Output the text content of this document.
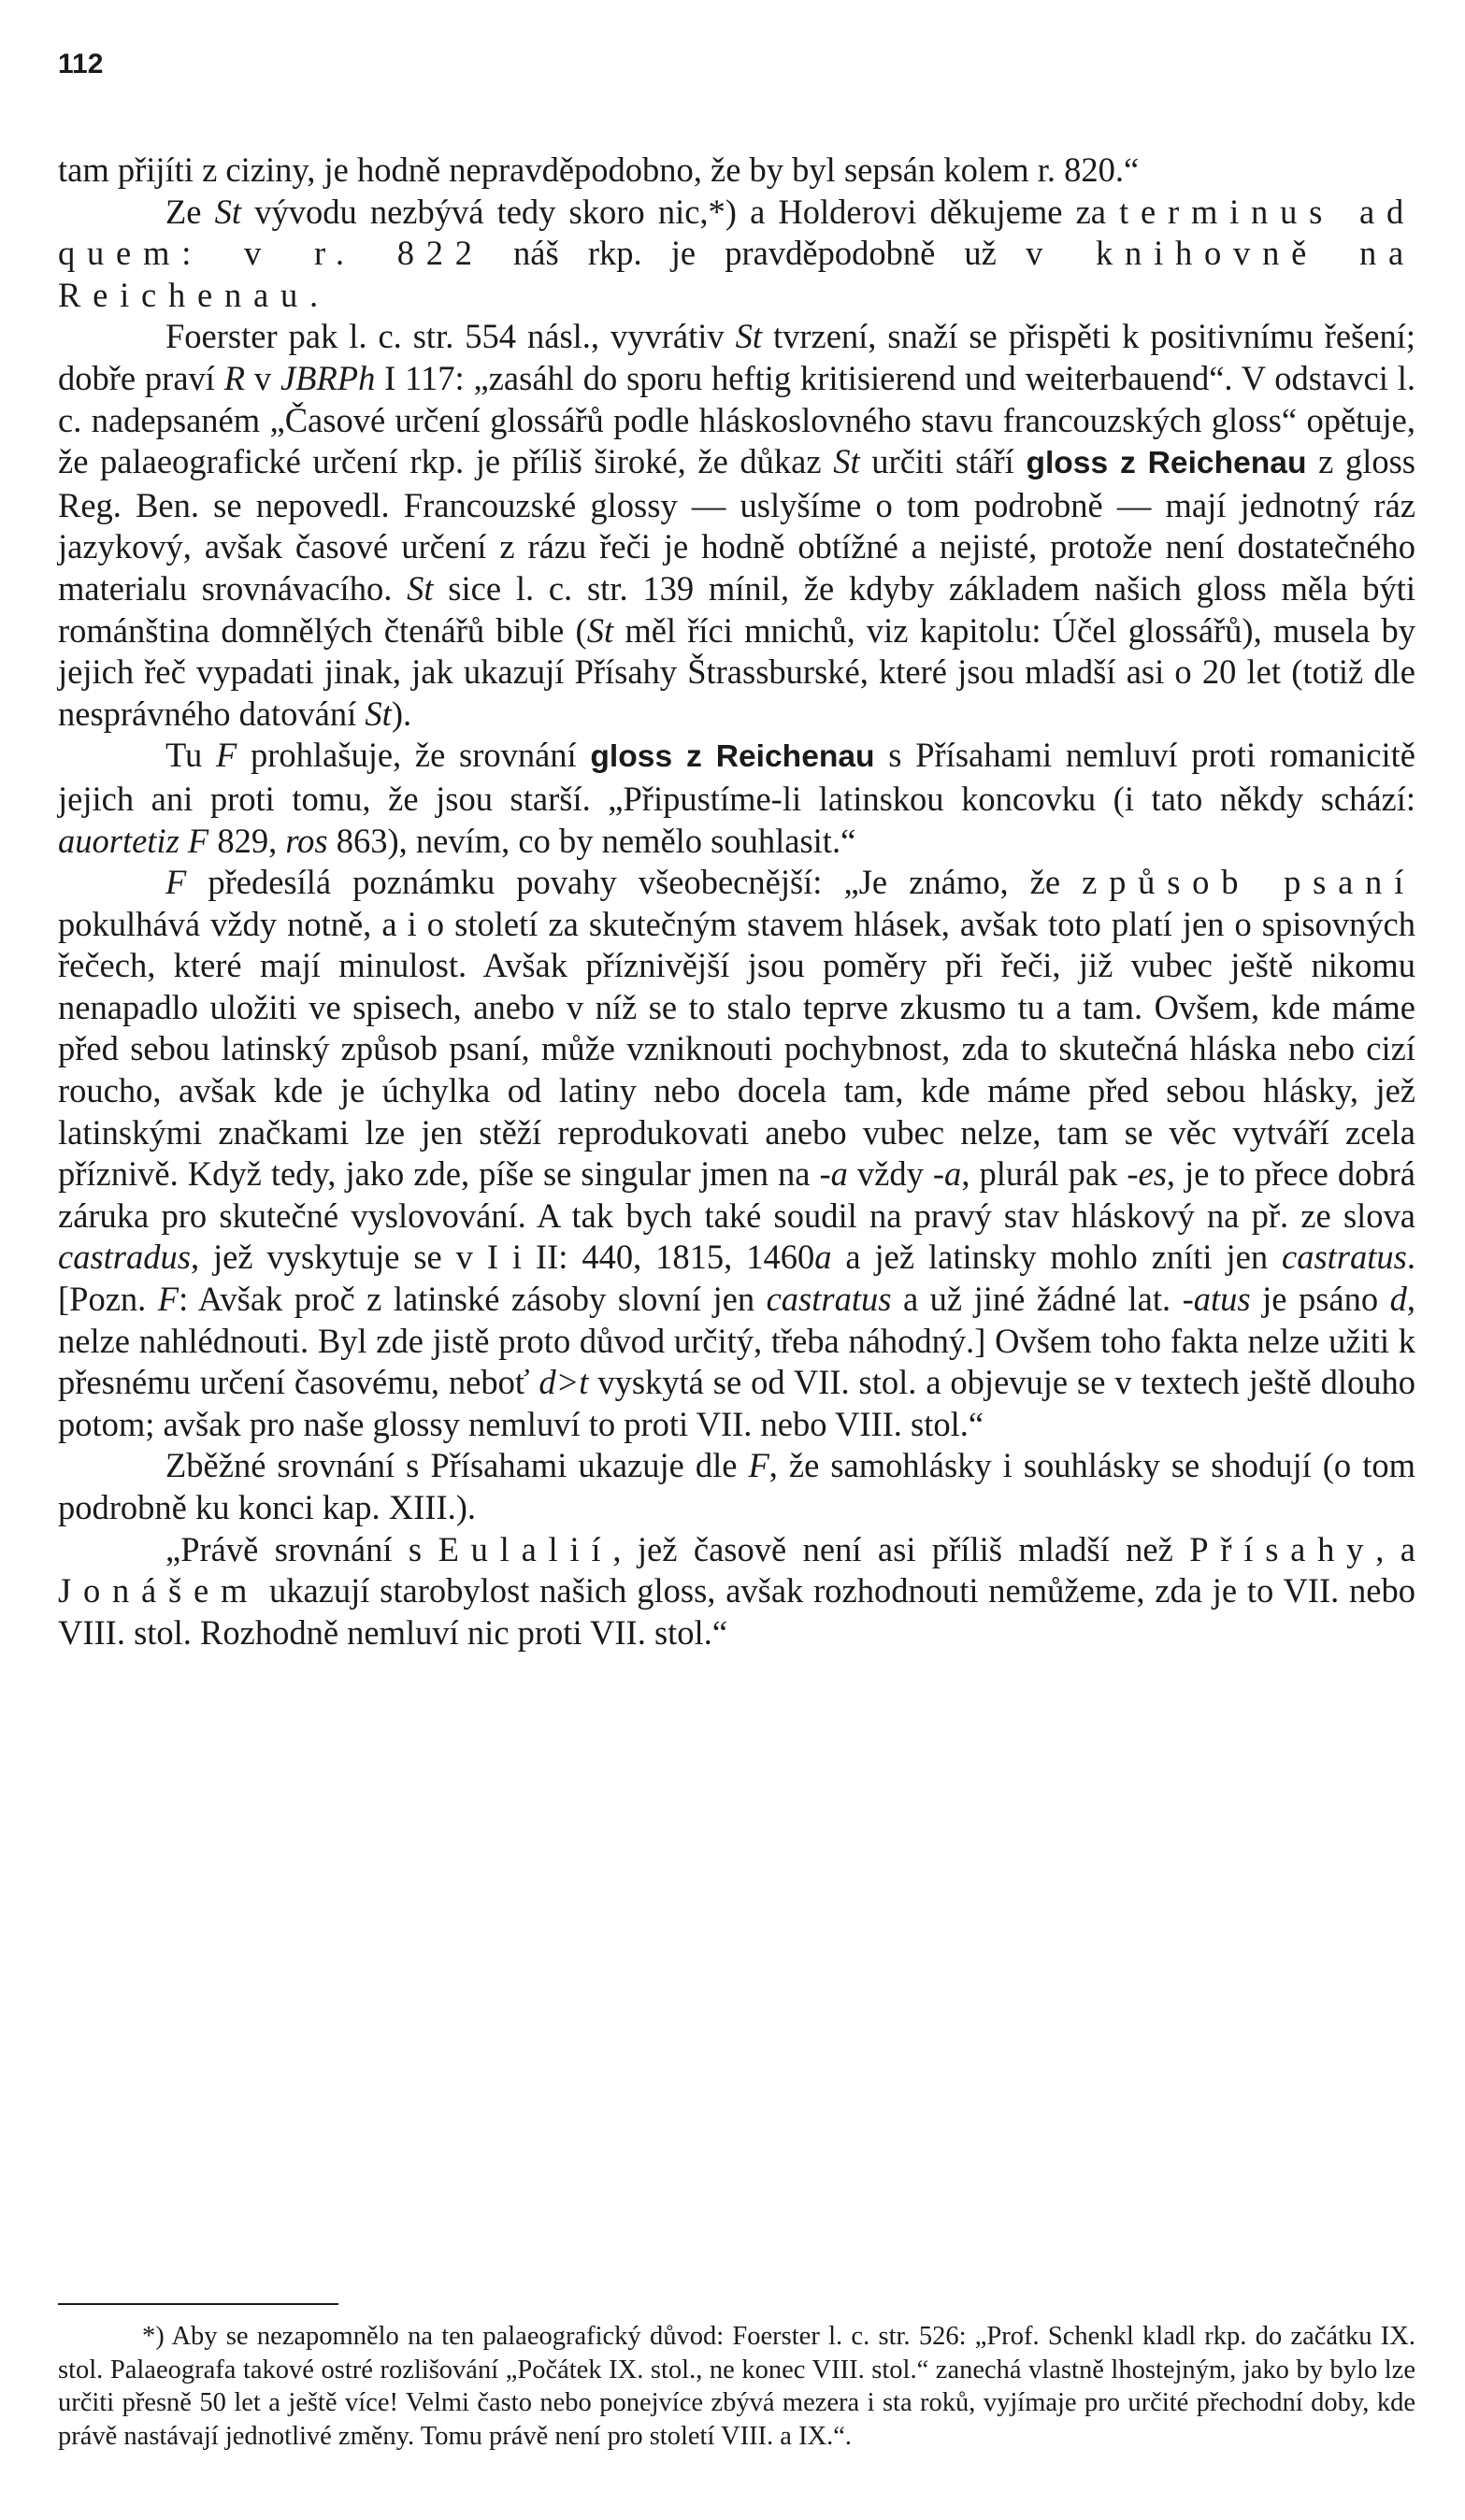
112

tam přijíti z ciziny, je hodně nepravděpodobno, že by byl sepsán kolem r. 820.“

Ze St vývodu nezbývá tedy skoro nic,*) a Holderovi děkujeme za terminus ad quem: v r. 822 náš rkp. je pravděpodobně už v knihovně na Reichenau.

Foerster pak l. c. str. 554 násl., vyvrátiv St tvrzení, snaží se přispěti k positivnímu řešení; dobře praví R v JBRPh I 117: „zasáhl do sporu heftig kritisierend und weiterbauend“. V odstavci l. c. nadepsaném „Časové určení glossářů podle hláskoslovného stavu francouzských gloss“ opětuje, že palaeografické určení rkp. je příliš široké, že důkaz St určiti stáří gloss z Reichenau z gloss Reg. Ben. se nepovedl. Francouzské glossy — uslyšíme o tom podrobně — mají jednotný ráz jazykový, avšak časové určení z rázu řeči je hodně obtížné a nejisté, protože není dostatečného materialu srovnávacího. St sice l. c. str. 139 mínil, že kdyby základem našich gloss měla býti románština domnělých čtenářů bible (St měl říci mnichů, viz kapitolu: Účel glossářů), musela by jejich řeč vypadati jinak, jak ukazují Přísahy Štrassburské, které jsou mladší asi o 20 let (totiž dle nesprávného datování St).

Tu F prohlašuje, že srovnání gloss z Reichenau s Přísahami nemluví proti romanicitě jejich ani proti tomu, že jsou starší. „Připustíme-li latinskou koncovku (i tato někdy schází: auortetiz F 829, ros 863), nevím, co by nemělo souhlasit.“

F předesílá poznámku povahy všeobecnější: „Je známo, že způsob psaní pokulhává vždy notně, a i o století za skutečným stavem hlásek, avšak toto platí jen o spisovných řečech, které mají minulost. Avšak příznivější jsou poměry při řeči, již vubec ještě nikomu nenapadlo uložiti ve spisech, anebo v níž se to stalo teprve zkusmo tu a tam. Ovšem, kde máme před sebou latinský způsob psaní, může vzniknouti pochybnost, zda to skutečná hláska nebo cizí roucho, avšak kde je úchylka od latiny nebo docela tam, kde máme před sebou hlásky, jež latinskými značkami lze jen stěží reprodukovati anebo vubec nelze, tam se věc vytváří zcela příznivě. Když tedy, jako zde, píše se singular jmen na -a vždy -a, plurál pak -es, je to přece dobrá záruka pro skutečné vyslovování. A tak bych také soudil na pravý stav hláskový na př. ze slova castradus, jež vyskytuje se v I i II: 440, 1815, 1460a a jež latinsky mohlo zníti jen castratus. [Pozn. F: Avšak proč z latinské zásoby slovní jen castratus a už jiné žádné lat. -atus je psáno d, nelze nahlédnouti. Byl zde jistě proto důvod určitý, třeba náhodný.] Ovšem toho fakta nelze užiti k přesnému určení časovému, neboť d>t vyskytá se od VII. stol. a objevuje se v textech ještě dlouho potom; avšak pro naše glossy nemluví to proti VII. nebo VIII. stol.“

Zběžné srovnání s Přísahami ukazuje dle F, že samohlásky i souhlásky se shodují (o tom podrobně ku konci kap. XIII.).

„Právě srovnání s Eulalií, jež časově není asi příliš mladší než Přísahy, a Jonášem ukazují starobylost našich gloss, avšak rozhodnouti nemůžeme, zda je to VII. nebo VIII. stol. Rozhodně nemluví nic proti VII. stol.“

*) Aby se nezapomnělo na ten palaeografický důvod: Foerster l. c. str. 526: „Prof. Schenkl kladl rkp. do začátku IX. stol. Palaeografa takové ostré rozlišování „Počátek IX. stol., ne konec VIII. stol.“ zanechá vlastně lhostejným, jako by bylo lze určiti přesně 50 let a ještě více! Velmi často nebo ponejvíce zbývá mezera i sta roků, vyjímaje pro určité přechodní doby, kde právě nastávají jednotlivé změny. Tomu právě není pro století VIII. a IX.“.
